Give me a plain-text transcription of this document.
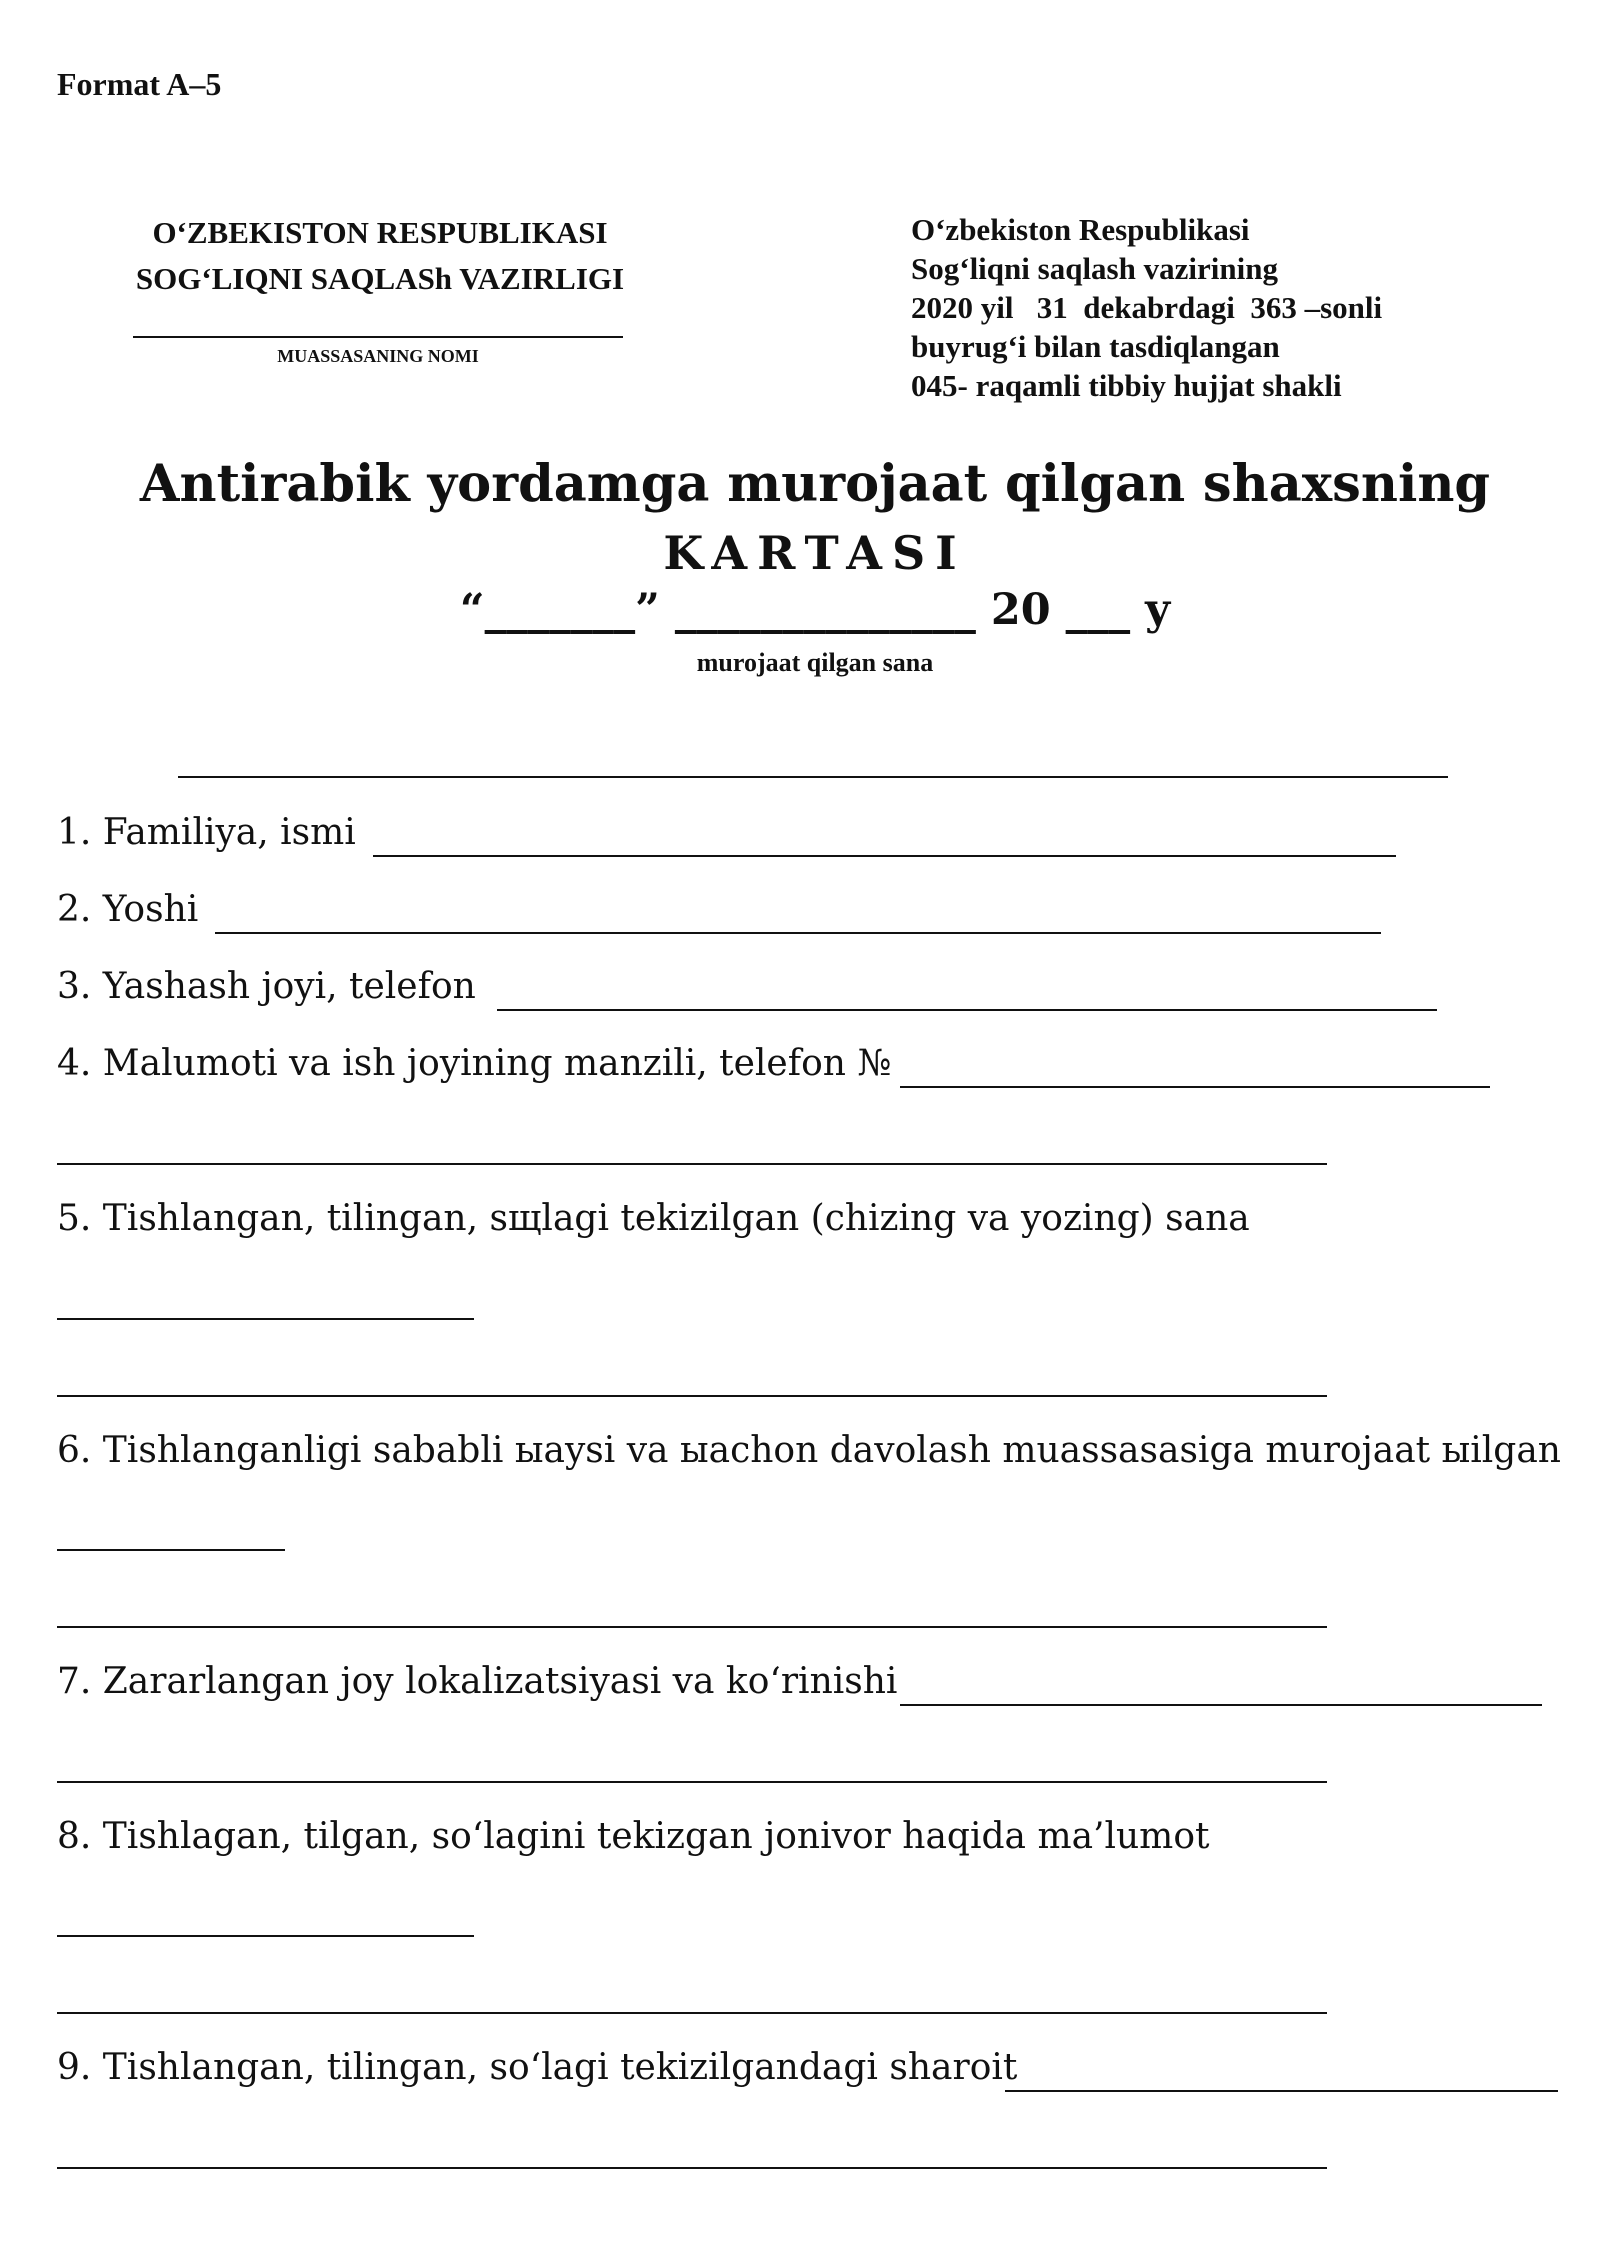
Format A–5
O‘ZBEKISTON RESPUBLIKASI
SOG‘LIQNI SAQLASh VAZIRLIGI
MUASSASANING NOMI
O‘zbekiston Respublikasi
Sog‘liqni saqlash vazirining
2020 yil   31  dekabrdagi  363 –sonli
buyrug‘i bilan tasdiqlangan
045- raqamli tibbiy hujjat shakli
Antirabik yordamga murojaat qilgan shaxsning
KARTASI
“_______” ______________ 20 ___ y
murojaat qilgan sana
1. Familiya, ismi
2. Yoshi
3. Yashash joyi, telefon
4. Malumoti va ish joyining manzili, telefon №
5. Tishlangan, tilingan, sщlagi tekizilgan (chizing va yozing) sana
6. Tishlanganligi sababli ыaysi va ыachon davolash muassasasiga murojaat ыilgan
7. Zararlangan joy lokalizatsiyasi va ko‘rinishi
8. Tishlagan, tilgan, so‘lagini tekizgan jonivor haqida ma’lumot
9. Tishlangan, tilingan, so‘lagi tekizilgandagi sharoit
